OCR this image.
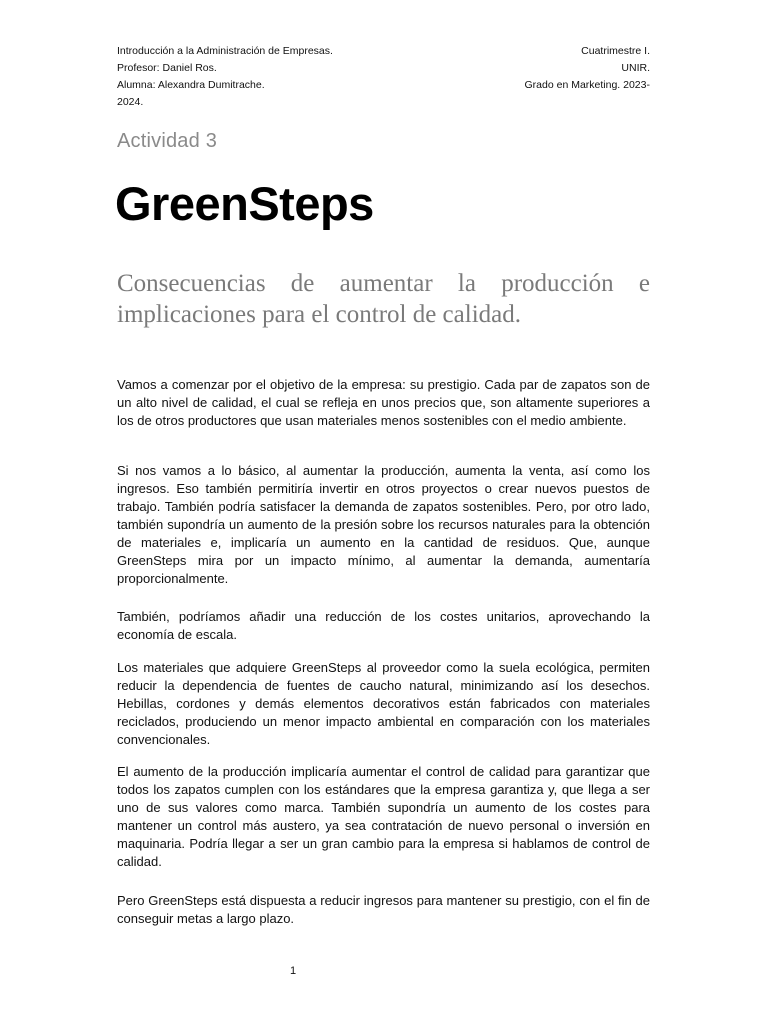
Introducción a la Administración de Empresas.	Cuatrimestre I.
Profesor: Daniel Ros.	UNIR.
Alumna: Alexandra Dumitrache.	Grado en Marketing. 2023-
2024.
Actividad 3
GreenSteps
Consecuencias de aumentar la producción e implicaciones para el control de calidad.

Vamos a comenzar por el objetivo de la empresa: su prestigio. Cada par de zapatos son de un alto nivel de calidad, el cual se refleja en unos precios que, son altamente superiores a los de otros productores que usan materiales menos sostenibles con el medio ambiente.

Si nos vamos a lo básico, al aumentar la producción, aumenta la venta, así como los ingresos. Eso también permitiría invertir en otros proyectos o crear nuevos puestos de trabajo. También podría satisfacer la demanda de zapatos sostenibles. Pero, por otro lado, también supondría un aumento de la presión sobre los recursos naturales para la obtención de materiales e, implicaría un aumento en la cantidad de residuos. Que, aunque GreenSteps mira por un impacto mínimo, al aumentar la demanda, aumentaría proporcionalmente.

También, podríamos añadir una reducción de los costes unitarios, aprovechando la economía de escala.

Los materiales que adquiere GreenSteps al proveedor como la suela ecológica, permiten reducir la dependencia de fuentes de caucho natural, minimizando así los desechos. Hebillas, cordones y demás elementos decorativos están fabricados con materiales reciclados, produciendo un menor impacto ambiental en comparación con los materiales convencionales.

El aumento de la producción implicaría aumentar el control de calidad para garantizar que todos los zapatos cumplen con los estándares que la empresa garantiza y, que llega a ser uno de sus valores como marca. También supondría un aumento de los costes para mantener un control más austero, ya sea contratación de nuevo personal o inversión en maquinaria. Podría llegar a ser un gran cambio para la empresa si hablamos de control de calidad.

Pero GreenSteps está dispuesta a reducir ingresos para mantener su prestigio, con el fin de conseguir metas a largo plazo.

1
